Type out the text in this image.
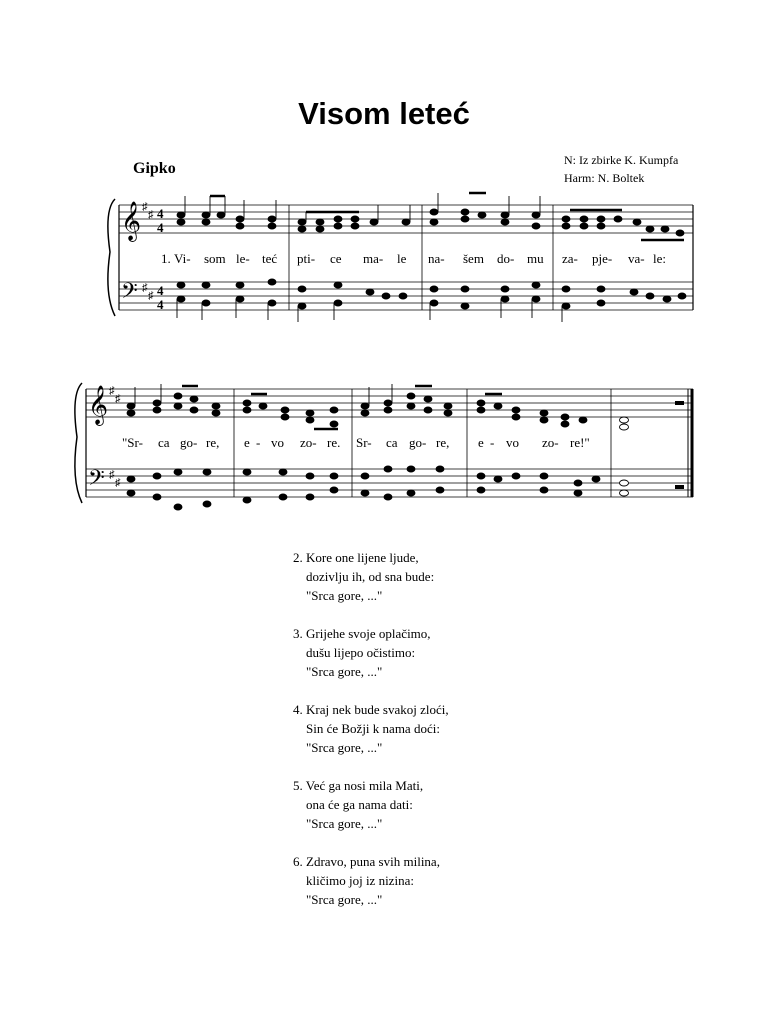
Visom leteć
Gipko	N: Iz zbirke K. Kumpfa
Harm: N. Boltek
𝄞
𝄢
♯
♯
♯
♯
4
4
4
4
1. Vi- som le- teć pti- ce ma- le na- šem do- mu za- pje- va- le:
𝄞
𝄢
♯
♯
♯
♯
"Sr- ca go- re, e - vo zo- re. Sr- ca go- re, e - vo zo- re!"
2. Kore one lijene ljude,
dozivlju ih, od sna bude:
"Srca gore, ..."
3. Grijehe svoje oplačimo,
dušu lijepo očistimo:
"Srca gore, ..."
4. Kraj nek bude svakoj zloći,
Sin će Božji k nama doći:
"Srca gore, ..."
5. Već ga nosi mila Mati,
ona će ga nama dati:
"Srca gore, ..."
6. Zdravo, puna svih milina,
kličimo joj iz nizina:
"Srca gore, ..."
